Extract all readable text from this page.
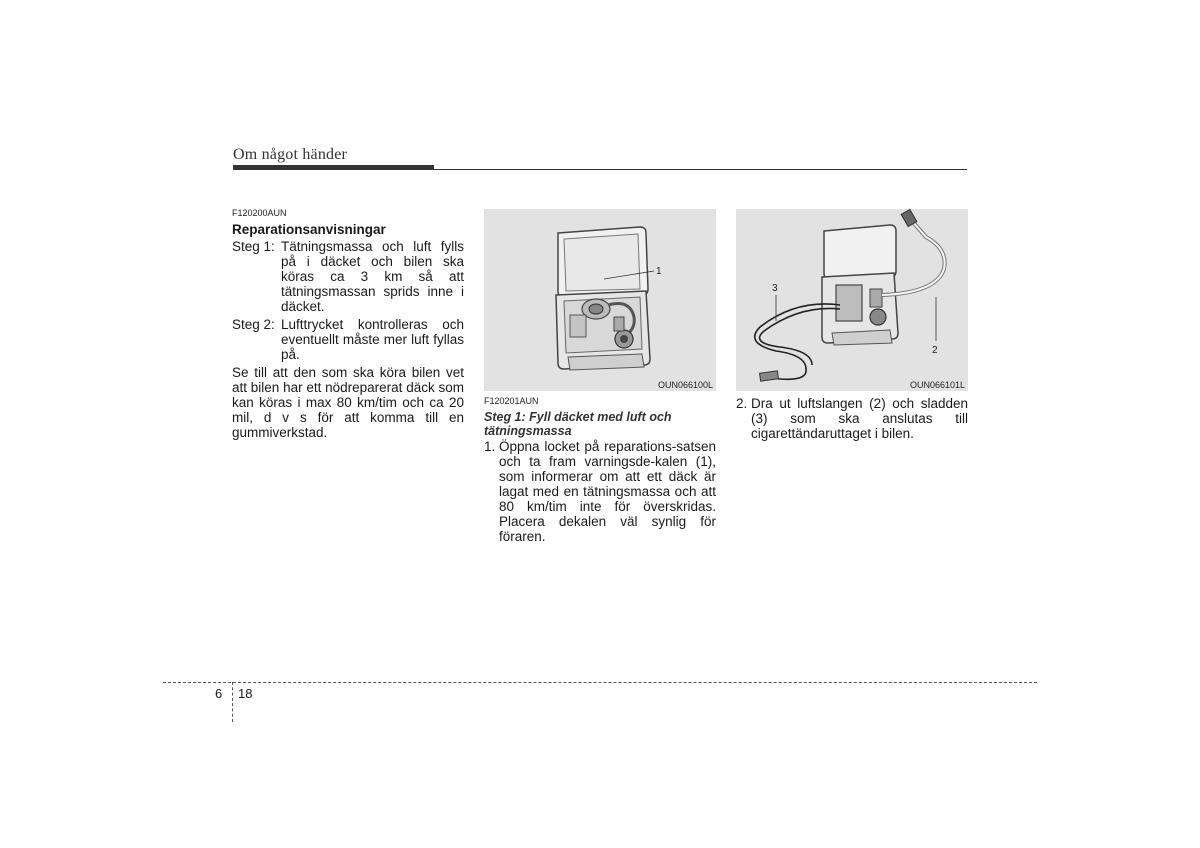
Om något händer
F120200AUN
Reparationsanvisningar
Steg 1: Tätningsmassa och luft fylls på i däcket och bilen ska köras ca 3 km så att tätningsmassan sprids inne i däcket.
Steg 2: Lufttrycket kontrolleras och eventuellt måste mer luft fyllas på.
Se till att den som ska köra bilen vet att bilen har ett nödreparerat däck som kan köras i max 80 km/tim och ca 20 mil, d v s för att komma till en gummiverkstad.
1
OUN066100L
3
2
OUN066101L
F120201AUN
Steg 1: Fyll däcket med luft och tätningsmassa
1. Öppna locket på reparations-satsen och ta fram varningsde-kalen (1), som informerar om att ett däck är lagat med en tätningsmassa och att 80 km/tim inte för överskridas. Placera dekalen väl synlig för föraren.
2. Dra ut luftslangen (2) och sladden (3) som ska anslutas till cigarettändaruttaget i bilen.
6 18
